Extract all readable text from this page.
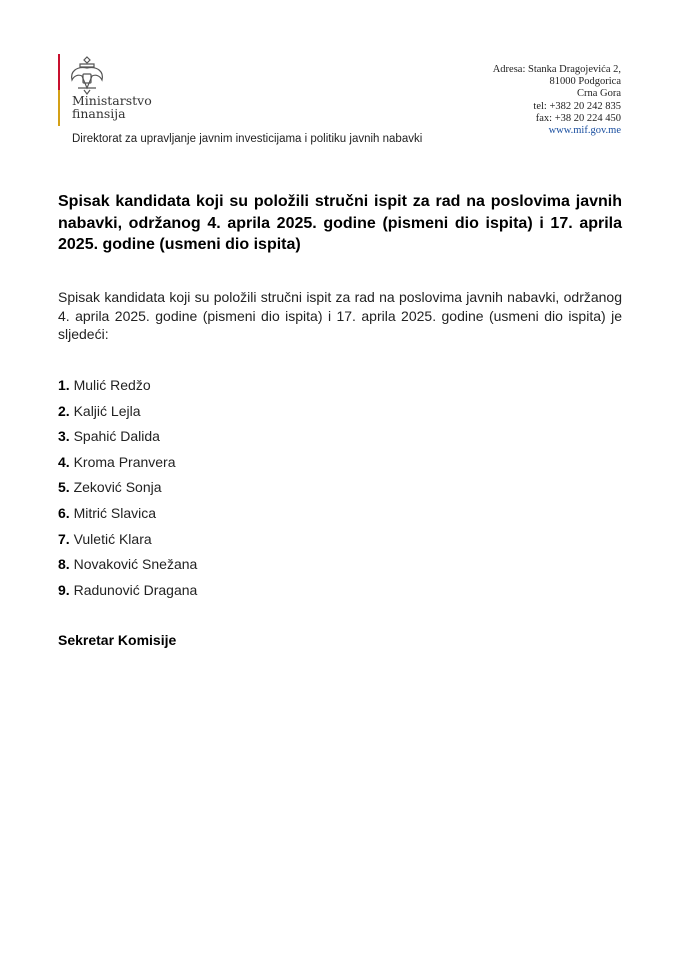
Ministarstvo
finansija
Direktorat za upravljanje javnim investicijama i politiku javnih nabavki
Adresa: Stanka Dragojevića 2,
81000 Podgorica
Crna Gora
tel: +382 20 242 835
fax: +38 20 224 450
www.mif.gov.me
Spisak kandidata koji su položili stručni ispit za rad na poslovima javnih nabavki, održanog 4. aprila 2025. godine (pismeni dio ispita) i 17. aprila 2025. godine (usmeni dio ispita)

Spisak kandidata koji su položili stručni ispit za rad na poslovima javnih nabavki, održanog 4. aprila 2025. godine (pismeni dio ispita) i 17. aprila 2025. godine (usmeni dio ispita) je sljedeći:

1. Mulić Redžo
2. Kaljić Lejla
3. Spahić Dalida
4. Kroma Pranvera
5. Zeković Sonja
6. Mitrić Slavica
7. Vuletić Klara
8. Novaković Snežana
9. Radunović Dragana
Sekretar Komisije
